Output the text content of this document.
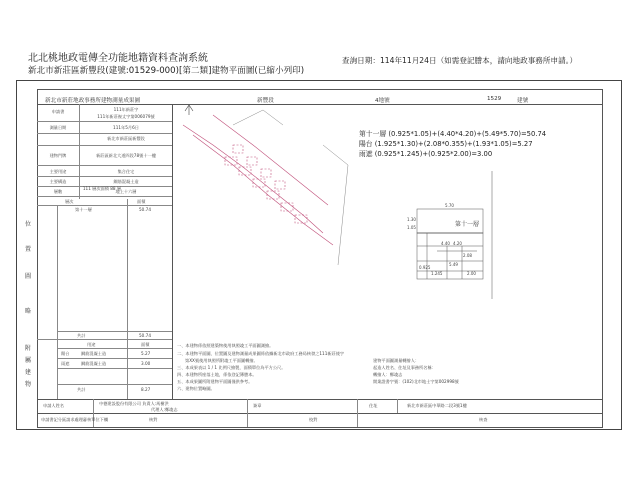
北北桃地政電傳全功能地籍資料查詢系統
新北市新莊區新豐段(建號:01529-000)[第二類]建物平面圖(已縮小列印)
查詢日期：114年11月24日（如需登記謄本，請向地政事務所申請。）
新北市新莊地政事務所建物測量成果圖	新豐段	4地號	1529	建號
申請書	111年新莊字
111年新莊複丈字第006079號
測量日期	111年5月6日
新北市新莊區新豐段
建物門牌	新莊區新北大道四段78號十一樓
主要用途	集合住宅
主要構造	鋼筋混凝土造
層數	地上十六層
111 層次面積 88 層
層次	面積
第十一層	50.74
位
置
圖
略
共計	50.74
附
屬
建
物
用途	面積
陽台	鋼筋混凝土造	5.27
雨遮	鋼筋混凝土造	3.00
共計	8.27
第十一層 (0.925*1.05)+(4.40*4.20)+(5.49*5.70)=50.74
陽台 (1.925*1.30)+(2.08*0.355)+(1.93*1.05)=5.27
雨遮 (0.925*1.245)+(0.925*2.00)=3.00
第十一層
5.70
1.30
1.05
4.40 4.20
2.08
5.49
0.925
1.245	2.00
一、本建物係依照建築物使用執照竣工平面圖測繪。
二、本建物平面圖、位置圖及建物測量成果圖係依據新北市政府工務局核發之111新莊使字
第XX號使用執照所附竣工平面圖轉繪。
三、本成果表以 1 / 1 比例尺繪製，面積單位為平方公尺。
四、本建物所座落土地，係依登記簿謄本。
五、本成果圖所附建物平面圖僅供參考。
六、建物位置略圖。
建物平面圖測量轉繪人：
起造人姓名、住址及事務所名稱：
轉繪人：鄭竣志
開業證書字號：(102)北市地士字第002998號
申請人姓名	中德建設股份有限公司 負責人:馬樹洪
代理人:鄭竣志
簽章	住址	新北市新莊區中華路二段3號1樓
申請書記分區請求處理審核單位下欄	核對	校對	核查
